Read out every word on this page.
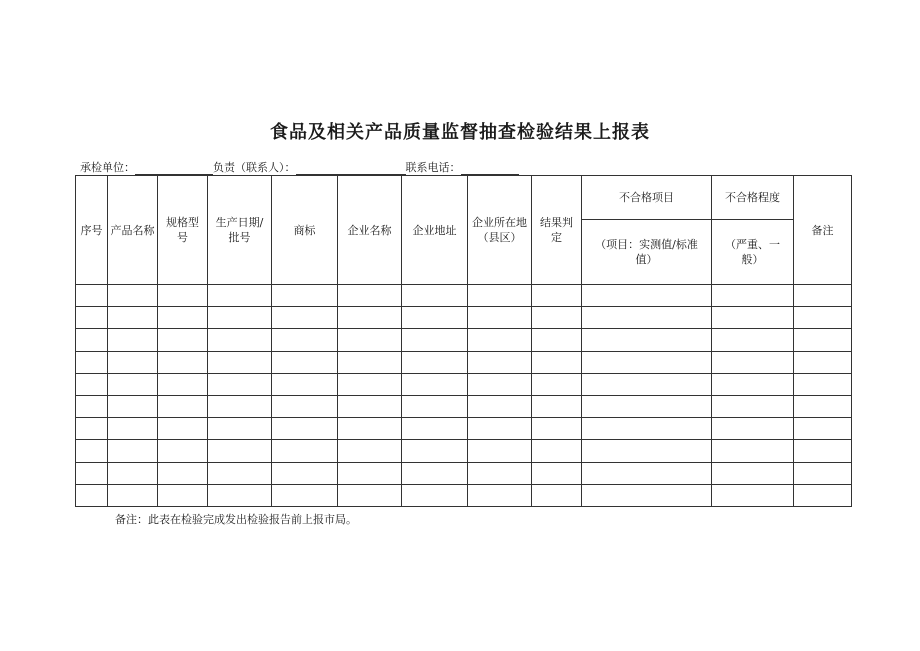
食品及相关产品质量监督抽查检验结果上报表
承检单位：	负责（联系人）：	联系电话：
序号	产品名称	规格型号	生产日期/批号	商标	企业名称	企业地址	企业所在地（县区）	结果判定	不合格项目	不合格程度	备注
									（项目：实测值/标准值）	（严重、一般）	

备注：此表在检验完成发出检验报告前上报市局。
